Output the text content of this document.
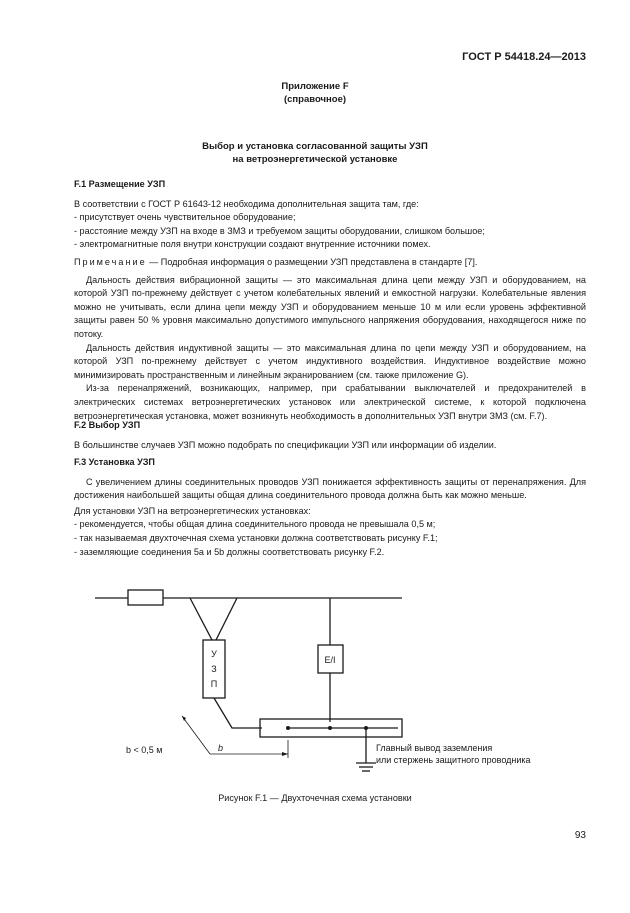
ГОСТ Р 54418.24—2013
Приложение F
(справочное)
Выбор и установка согласованной защиты УЗП
на ветроэнергетической установке

F.1 Размещение УЗП

В соответствии с ГОСТ Р 61643-12 необходима дополнительная защита там, где:

- присутствует очень чувствительное оборудование;

- расстояние между УЗП на входе в ЗМЗ и требуемом защиты оборудовании, слишком большое;

- электромагнитные поля внутри конструкции создают внутренние источники помех.

Примечание — Подробная информация о размещении УЗП представлена в стандарте [7].

Дальность действия вибрационной защиты — это максимальная длина цепи между УЗП и оборудованием, на которой УЗП по-прежнему действует с учетом колебательных явлений и емкостной нагрузки. Колебательные явления можно не учитывать, если длина цепи между УЗП и оборудованием меньше 10 м или если уровень эффективной защиты равен 50 % уровня максимально допустимого импульсного напряжения оборудования, находящегося ниже по потоку.

Дальность действия индуктивной защиты — это максимальная длина по цепи между УЗП и оборудованием, на которой УЗП по-прежнему действует с учетом индуктивного воздействия. Индуктивное воздействие можно минимизировать пространственным и линейным экранированием (см. также приложение G).

Из-за перенапряжений, возникающих, например, при срабатывании выключателей и предохранителей в электрических системах ветроэнергетических установок или электрической системе, к которой подключена ветроэнергетическая установка, может возникнуть необходимость в дополнительных УЗП внутри ЗМЗ (см. F.7).

F.2 Выбор УЗП

В большинстве случаев УЗП можно подобрать по спецификации УЗП или информации об изделии.

F.3 Установка УЗП

С увеличением длины соединительных проводов УЗП понижается эффективность защиты от перенапряжения. Для достижения наибольшей защиты общая длина соединительного провода должна быть как можно меньше.

Для установки УЗП на ветроэнергетических установках:

- рекомендуется, чтобы общая длина соединительного провода не превышала 0,5 м;

- так называемая двухточечная схема установки должна соответствовать рисунку F.1;

- заземляющие соединения 5a и 5b должны соответствовать рисунку F.2.

У
З
П
E/I
b < 0,5 м	b	Главный вывод заземления
или стержень защитного проводника
Рисунок F.1 — Двухточечная схема установки
93
